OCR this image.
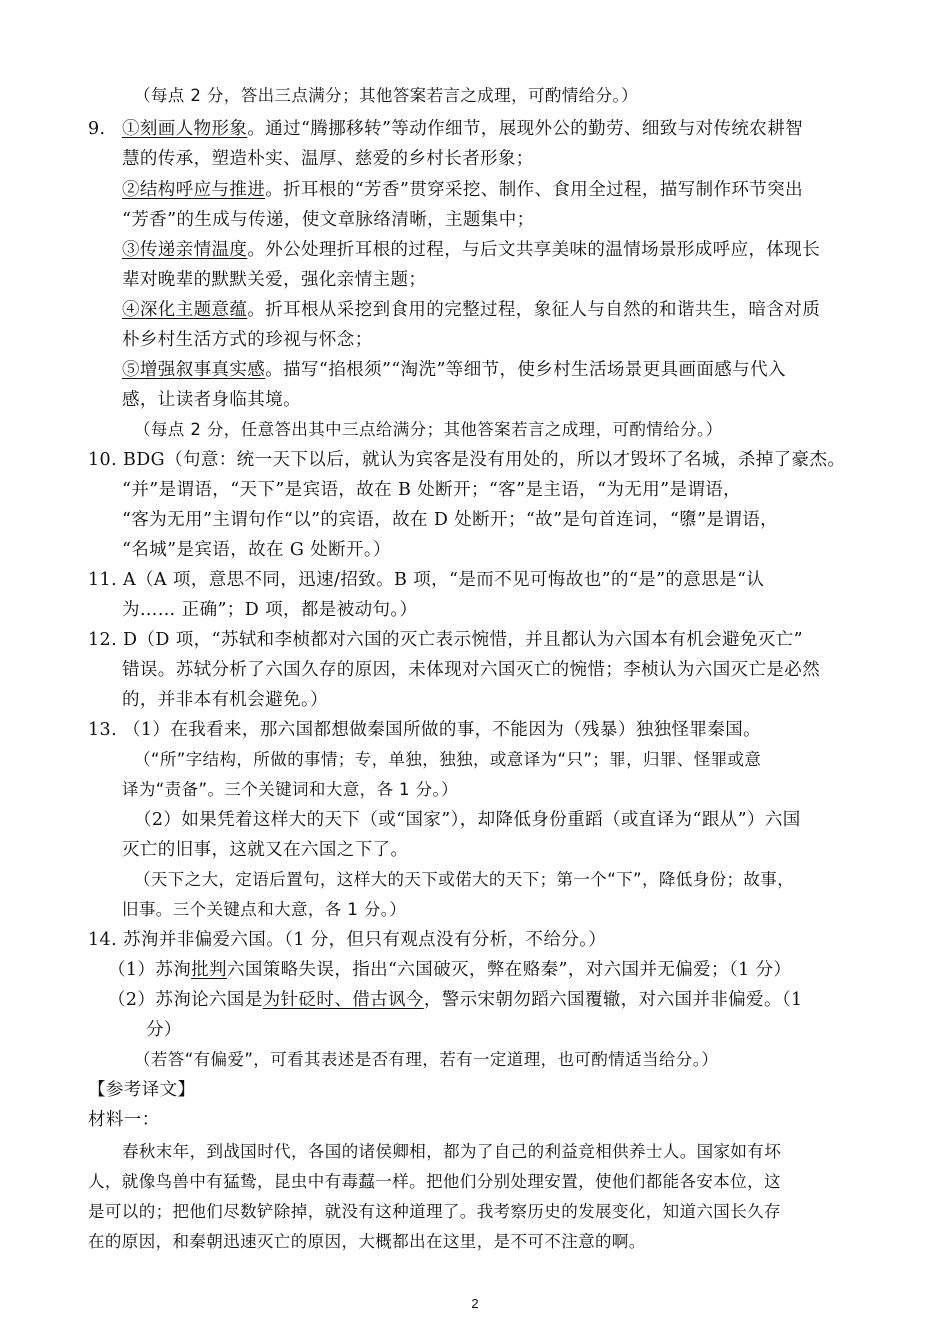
（每点 2 分，答出三点满分；其他答案若言之成理，可酌情给分。）
9. ①刻画人物形象。通过“腾挪移转”等动作细节，展现外公的勤劳、细致与对传统农耕智
慧的传承，塑造朴实、温厚、慈爱的乡村长者形象；
②结构呼应与推进。折耳根的“芳香”贯穿采挖、制作、食用全过程，描写制作环节突出
“芳香”的生成与传递，使文章脉络清晰，主题集中；
③传递亲情温度。外公处理折耳根的过程，与后文共享美味的温情场景形成呼应，体现长
辈对晚辈的默默关爱，强化亲情主题；
④深化主题意蕴。折耳根从采挖到食用的完整过程，象征人与自然的和谐共生，暗含对质
朴乡村生活方式的珍视与怀念；
⑤增强叙事真实感。描写“掐根须”“淘洗”等细节，使乡村生活场景更具画面感与代入
感，让读者身临其境。
（每点 2 分，任意答出其中三点给满分；其他答案若言之成理，可酌情给分。）
10. BDG（句意：统一天下以后，就认为宾客是没有用处的，所以才毁坏了名城，杀掉了豪杰。
“并”是谓语，“天下”是宾语，故在 B 处断开；“客”是主语，“为无用”是谓语，
“客为无用”主谓句作“以”的宾语，故在 D 处断开；“故”是句首连词，“隳”是谓语，
“名城”是宾语，故在 G 处断开。）
11. A（A 项，意思不同，迅速/招致。B 项，“是而不见可悔故也”的“是”的意思是“认
为…… 正确”；D 项，都是被动句。）
12. D（D 项，“苏轼和李桢都对六国的灭亡表示惋惜，并且都认为六国本有机会避免灭亡”
错误。苏轼分析了六国久存的原因，未体现对六国灭亡的惋惜；李桢认为六国灭亡是必然
的，并非本有机会避免。）
13. （1）在我看来，那六国都想做秦国所做的事，不能因为（残暴）独独怪罪秦国。
（“所”字结构，所做的事情；专，单独，独独，或意译为“只”；罪，归罪、怪罪或意
译为“责备”。三个关键词和大意，各 1 分。）
（2）如果凭着这样大的天下（或“国家”），却降低身份重蹈（或直译为“跟从”）六国
灭亡的旧事，这就又在六国之下了。
（天下之大，定语后置句，这样大的天下或偌大的天下；第一个“下”，降低身份；故事，
旧事。三个关键点和大意，各 1 分。）
14. 苏洵并非偏爱六国。（1 分，但只有观点没有分析，不给分。）
（1）苏洵批判六国策略失误，指出“六国破灭，弊在赂秦”，对六国并无偏爱；（1 分）
（2）苏洵论六国是为针砭时、借古讽今，警示宋朝勿蹈六国覆辙，对六国并非偏爱。（1
分）
（若答“有偏爱”，可看其表述是否有理，若有一定道理，也可酌情适当给分。）
【参考译文】
材料一：
春秋末年，到战国时代，各国的诸侯卿相，都为了自己的利益竞相供养士人。国家如有坏
人，就像鸟兽中有猛鸷，昆虫中有毒蠚一样。把他们分别处理安置，使他们都能各安本位，这
是可以的；把他们尽数铲除掉，就没有这种道理了。我考察历史的发展变化，知道六国长久存
在的原因，和秦朝迅速灭亡的原因，大概都出在这里，是不可不注意的啊。
2
